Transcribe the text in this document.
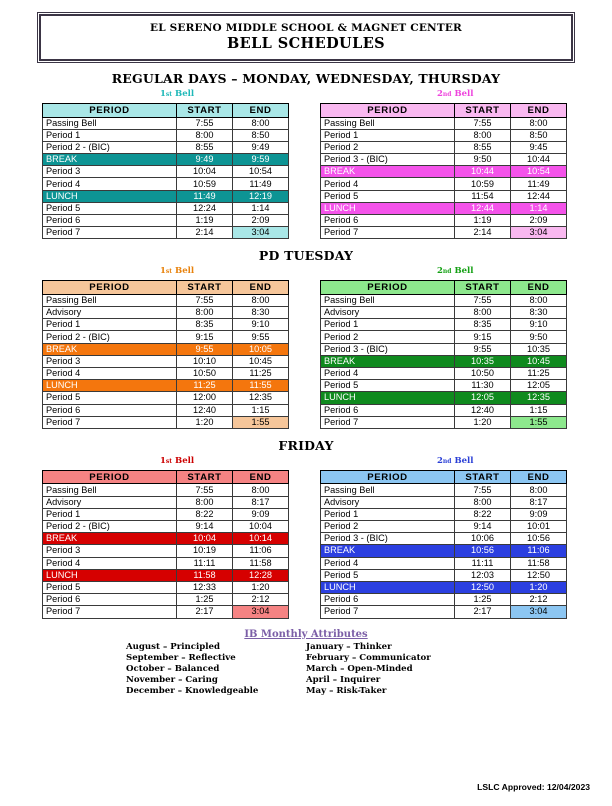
EL SERENO MIDDLE SCHOOL & MAGNET CENTER
BELL SCHEDULES
REGULAR DAYS – MONDAY, WEDNESDAY, THURSDAY
1st Bell	2nd Bell
PERIOD	START	END
Passing Bell	7:55	8:00
Period 1	8:00	8:50
Period 2 - (BIC)	8:55	9:49
BREAK	9:49	9:59
Period 3	10:04	10:54
Period 4	10:59	11:49
LUNCH	11:49	12:19
Period 5	12:24	1:14
Period 6	1:19	2:09
Period 7	2:14	3:04
PERIOD	START	END
Passing Bell	7:55	8:00
Period 1	8:00	8:50
Period 2	8:55	9:45
Period 3 - (BIC)	9:50	10:44
BREAK	10:44	10:54
Period 4	10:59	11:49
Period 5	11:54	12:44
LUNCH	12:44	1:14
Period 6	1:19	2:09
Period 7	2:14	3:04
PD TUESDAY
1st Bell	2nd Bell
PERIOD	START	END
Passing Bell	7:55	8:00
Advisory	8:00	8:30
Period 1	8:35	9:10
Period 2 - (BIC)	9:15	9:55
BREAK	9:55	10:05
Period 3	10:10	10:45
Period 4	10:50	11:25
LUNCH	11:25	11:55
Period 5	12:00	12:35
Period 6	12:40	1:15
Period 7	1:20	1:55
PERIOD	START	END
Passing Bell	7:55	8:00
Advisory	8:00	8:30
Period 1	8:35	9:10
Period 2	9:15	9:50
Period 3 - (BIC)	9:55	10:35
BREAK	10:35	10:45
Period 4	10:50	11:25
Period 5	11:30	12:05
LUNCH	12:05	12:35
Period 6	12:40	1:15
Period 7	1:20	1:55
FRIDAY
1st Bell	2nd Bell
PERIOD	START	END
Passing Bell	7:55	8:00
Advisory	8:00	8:17
Period 1	8:22	9:09
Period 2 - (BIC)	9:14	10:04
BREAK	10:04	10:14
Period 3	10:19	11:06
Period 4	11:11	11:58
LUNCH	11:58	12:28
Period 5	12:33	1:20
Period 6	1:25	2:12
Period 7	2:17	3:04
PERIOD	START	END
Passing Bell	7:55	8:00
Advisory	8:00	8:17
Period 1	8:22	9:09
Period 2	9:14	10:01
Period 3 - (BIC)	10:06	10:56
BREAK	10:56	11:06
Period 4	11:11	11:58
Period 5	12:03	12:50
LUNCH	12:50	1:20
Period 6	1:25	2:12
Period 7	2:17	3:04
IB Monthly Attributes
August – Principled
September – Reflective
October – Balanced
November – Caring
December – Knowledgeable
January – Thinker
February – Communicator
March – Open-Minded
April – Inquirer
May – Risk-Taker
LSLC Approved: 12/04/2023
